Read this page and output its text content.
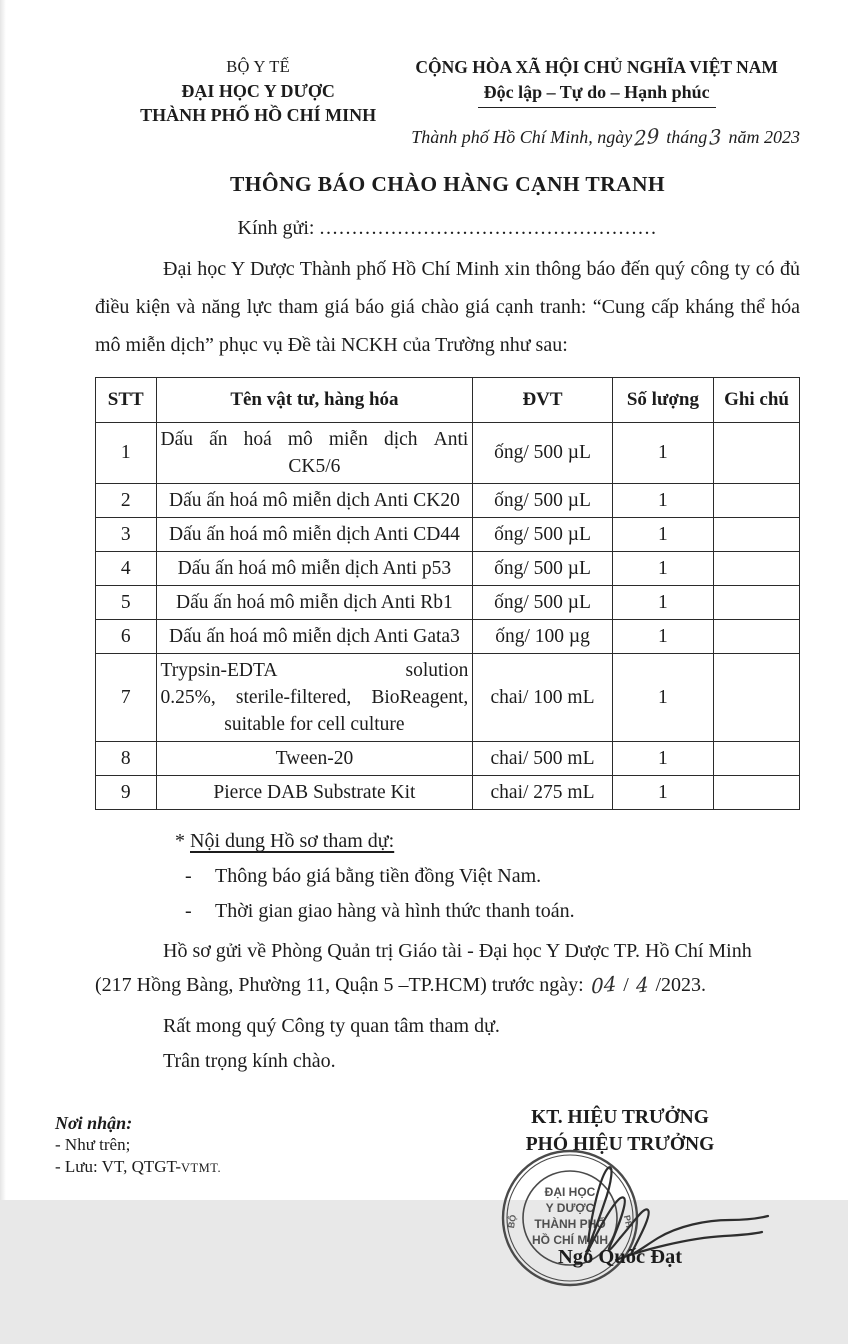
BỘ Y TẾ
ĐẠI HỌC Y DƯỢC
THÀNH PHỐ HỒ CHÍ MINH
CỘNG HÒA XÃ HỘI CHỦ NGHĨA VIỆT NAM
Độc lập – Tự do – Hạnh phúc
Thành phố Hồ Chí Minh, ngày29 tháng3 năm 2023
THÔNG BÁO CHÀO HÀNG CẠNH TRANH
Kính gửi: ....................................................
Đại học Y Dược Thành phố Hồ Chí Minh xin thông báo đến quý công ty có đủ điều kiện và năng lực tham giá báo giá chào giá cạnh tranh: “Cung cấp kháng thể hóa mô miễn dịch” phục vụ Đề tài NCKH của Trường như sau:
STT	Tên vật tư, hàng hóa	ĐVT	Số lượng	Ghi chú
1	
Dấu ấn hoá mô miễn dịch Anti
CK5/6
	ống/ 500 µL	1	
2	Dấu ấn hoá mô miễn dịch Anti CK20	ống/ 500 µL	1	
3	Dấu ấn hoá mô miễn dịch Anti CD44	ống/ 500 µL	1	
4	Dấu ấn hoá mô miễn dịch Anti p53	ống/ 500 µL	1	
5	Dấu ấn hoá mô miễn dịch Anti Rb1	ống/ 500 µL	1	
6	Dấu ấn hoá mô miễn dịch Anti Gata3	ống/ 100 µg	1	
7	
Trypsin-EDTA	solution
0.25%, sterile-filtered, BioReagent,
suitable for cell culture
	chai/ 100 mL	1	
8	Tween-20	chai/ 500 mL	1	
9	Pierce DAB Substrate Kit	chai/ 275 mL	1	
* Nội dung Hồ sơ tham dự:
- Thông báo giá bằng tiền đồng Việt Nam.
- Thời gian giao hàng và hình thức thanh toán.
Hồ sơ gửi về Phòng Quản trị Giáo tài - Đại học Y Dược TP. Hồ Chí Minh
(217 Hồng Bàng, Phường 11, Quận 5 –TP.HCM) trước ngày: 04 / 4 /2023.
Rất mong quý Công ty quan tâm tham dự.
Trân trọng kính chào.
Nơi nhận:
- Như trên;
- Lưu: VT, QTGT-VTMT.
KT. HIỆU TRƯỞNG
PHÓ HIỆU TRƯỞNG
ĐẠI HỌC
Y DƯỢC
THÀNH PHỐ
HỒ CHÍ MINH
BỘ	PH
Ngô Quốc Đạt
